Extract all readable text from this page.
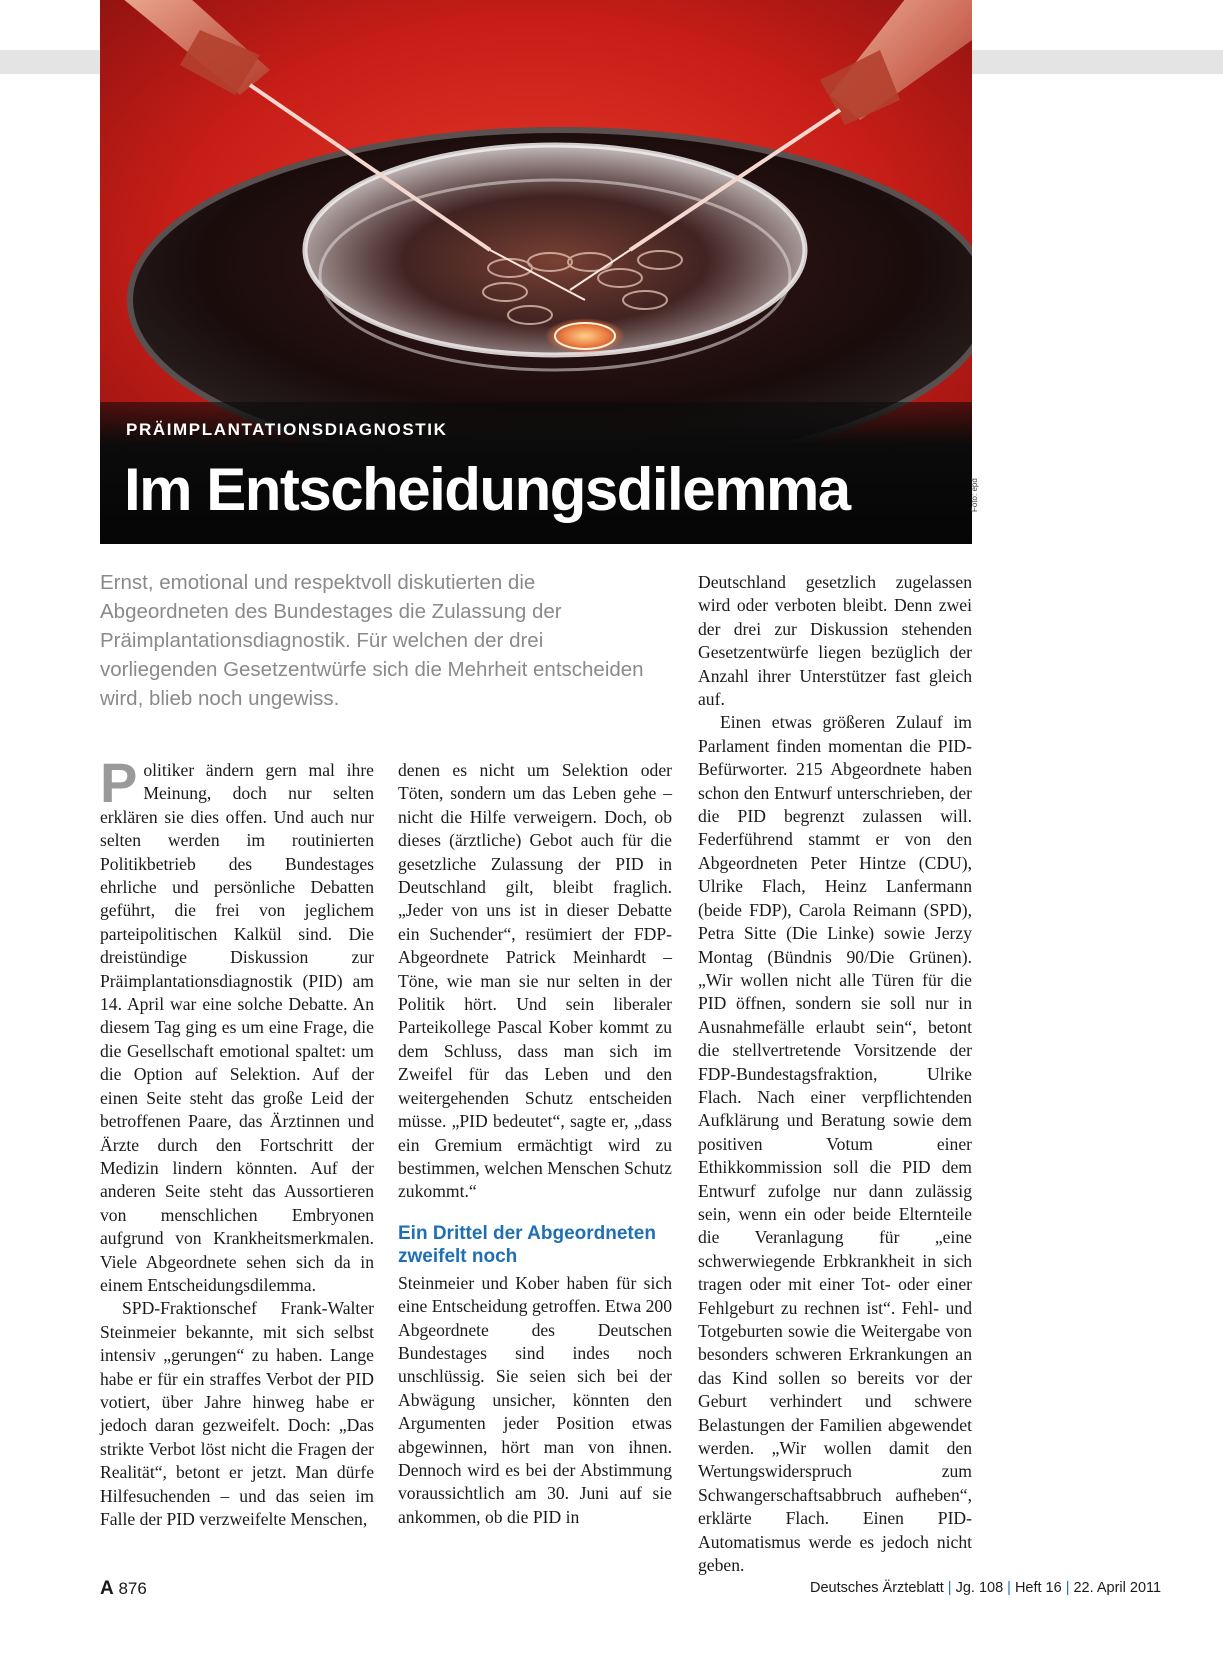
PRÄIMPLANTATIONSDIAGNOSTIK
Im Entscheidungsdilemma	Foto: epd

Ernst, emotional und respektvoll diskutierten die Abgeordneten des Bundestages die Zulassung der Präimplantationsdiagnostik. Für welchen der drei vorliegenden Gesetzentwürfe sich die Mehrheit entscheiden wird, blieb noch ungewiss.

Politiker ändern gern mal ihre Meinung, doch nur selten erklären sie dies offen. Und auch nur selten werden im routinierten Politikbetrieb des Bundestages ehrliche und persönliche Debatten geführt, die frei von jeglichem parteipolitischen Kalkül sind. Die dreistündige Diskussion zur Präimplantationsdiagnostik (PID) am 14. April war eine solche Debatte. An diesem Tag ging es um eine Frage, die die Gesellschaft emotional spaltet: um die Option auf Selektion. Auf der einen Seite steht das große Leid der betroffenen Paare, das Ärztinnen und Ärzte durch den Fortschritt der Medizin lindern könnten. Auf der anderen Seite steht das Aussortieren von menschlichen Embryonen aufgrund von Krankheitsmerkmalen. Viele Abgeordnete sehen sich da in einem Entscheidungsdilemma.

SPD-Fraktionschef Frank-Walter Steinmeier bekannte, mit sich selbst intensiv „gerungen“ zu haben. Lange habe er für ein straffes Verbot der PID votiert, über Jahre hinweg habe er jedoch daran gezweifelt. Doch: „Das strikte Verbot löst nicht die Fragen der Realität“, betont er jetzt. Man dürfe Hilfesuchenden – und das seien im Falle der PID verzweifelte Menschen,

denen es nicht um Selektion oder Töten, sondern um das Leben gehe – nicht die Hilfe verweigern. Doch, ob dieses (ärztliche) Gebot auch für die gesetzliche Zulassung der PID in Deutschland gilt, bleibt fraglich. „Jeder von uns ist in dieser Debatte ein Suchender“, resümiert der FDP-Abgeordnete Patrick Meinhardt – Töne, wie man sie nur selten in der Politik hört. Und sein liberaler Parteikollege Pascal Kober kommt zu dem Schluss, dass man sich im Zweifel für das Leben und den weitergehenden Schutz entscheiden müsse. „PID bedeutet“, sagte er, „dass ein Gremium ermächtigt wird zu bestimmen, welchen Menschen Schutz zukommt.“

Ein Drittel der Abgeordneten zweifelt noch

Steinmeier und Kober haben für sich eine Entscheidung getroffen. Etwa 200 Abgeordnete des Deutschen Bundestages sind indes noch unschlüssig. Sie seien sich bei der Abwägung unsicher, könnten den Argumenten jeder Position etwas abgewinnen, hört man von ihnen. Dennoch wird es bei der Abstimmung voraussichtlich am 30. Juni auf sie ankommen, ob die PID in

Deutschland gesetzlich zugelassen wird oder verboten bleibt. Denn zwei der drei zur Diskussion stehenden Gesetzentwürfe liegen bezüglich der Anzahl ihrer Unterstützer fast gleich auf.

Einen etwas größeren Zulauf im Parlament finden momentan die PID-Befürworter. 215 Abgeordnete haben schon den Entwurf unterschrieben, der die PID begrenzt zulassen will. Federführend stammt er von den Abgeordneten Peter Hintze (CDU), Ulrike Flach, Heinz Lanfermann (beide FDP), Carola Reimann (SPD), Petra Sitte (Die Linke) sowie Jerzy Montag (Bündnis 90/Die Grünen). „Wir wollen nicht alle Türen für die PID öffnen, sondern sie soll nur in Ausnahmefälle erlaubt sein“, betont die stellvertretende Vorsitzende der FDP-Bundestagsfraktion, Ulrike Flach. Nach einer verpflichtenden Aufklärung und Beratung sowie dem positiven Votum einer Ethikkommission soll die PID dem Entwurf zufolge nur dann zulässig sein, wenn ein oder beide Elternteile die Veranlagung für „eine schwerwiegende Erbkrankheit in sich tragen oder mit einer Tot- oder einer Fehlgeburt zu rechnen ist“. Fehl- und Totgeburten sowie die Weitergabe von besonders schweren Erkrankungen an das Kind sollen so bereits vor der Geburt verhindert und schwere Belastungen der Familien abgewendet werden. „Wir wollen damit den Wertungswiderspruch zum Schwangerschaftsabbruch aufheben“, erklärte Flach. Einen PID-Automatismus werde es jedoch nicht geben.

A 876	Deutsches Ärzteblatt | Jg. 108 | Heft 16 | 22. April 2011
